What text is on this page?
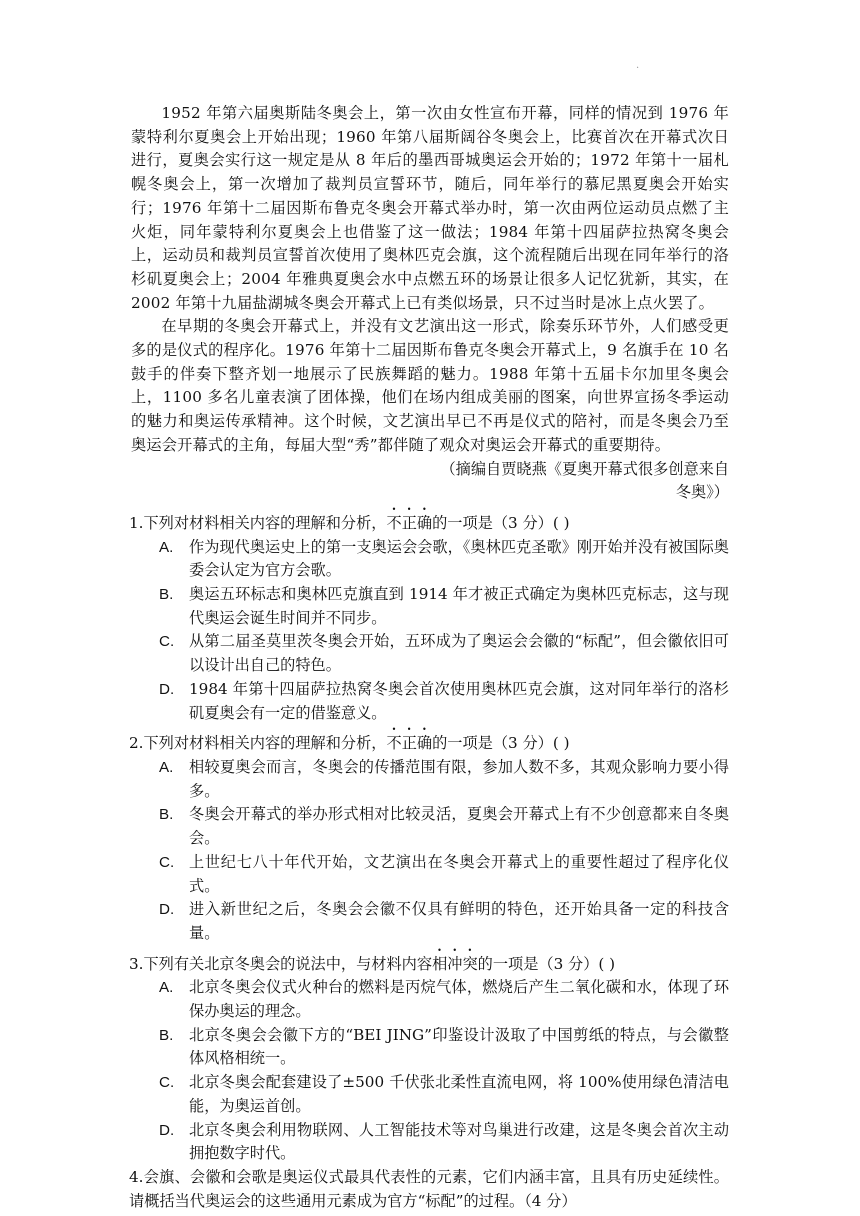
.

1952 年第六届奥斯陆冬奥会上，第一次由女性宣布开幕，同样的情况到 1976 年蒙特利尔夏奥会上开始出现；1960 年第八届斯阔谷冬奥会上，比赛首次在开幕式次日进行，夏奥会实行这一规定是从 8 年后的墨西哥城奥运会开始的；1972 年第十一届札幌冬奥会上，第一次增加了裁判员宣誓环节，随后，同年举行的慕尼黑夏奥会开始实行；1976 年第十二届因斯布鲁克冬奥会开幕式举办时，第一次由两位运动员点燃了主火炬，同年蒙特利尔夏奥会上也借鉴了这一做法；1984 年第十四届萨拉热窝冬奥会上，运动员和裁判员宣誓首次使用了奥林匹克会旗，这个流程随后出现在同年举行的洛杉矶夏奥会上；2004 年雅典夏奥会水中点燃五环的场景让很多人记忆犹新，其实，在 2002 年第十九届盐湖城冬奥会开幕式上已有类似场景，只不过当时是冰上点火罢了。

在早期的冬奥会开幕式上，并没有文艺演出这一形式，除奏乐环节外，人们感受更多的是仪式的程序化。1976 年第十二届因斯布鲁克冬奥会开幕式上，9 名旗手在 10 名鼓手的伴奏下整齐划一地展示了民族舞蹈的魅力。1988 年第十五届卡尔加里冬奥会上，1100 多名儿童表演了团体操，他们在场内组成美丽的图案，向世界宣扬冬季运动的魅力和奥运传承精神。这个时候，文艺演出早已不再是仪式的陪衬，而是冬奥会乃至奥运会开幕式的主角，每届大型“秀”都伴随了观众对奥运会开幕式的重要期待。

（摘编自贾晓燕《夏奥开幕式很多创意来自冬奥》）

1.下列对材料相关内容的理解和分析，不正确的一项是（3 分）( )

A.	作为现代奥运史上的第一支奥运会会歌，《奥林匹克圣歌》刚开始并没有被国际奥委会认定为官方会歌。
B.	奥运五环标志和奥林匹克旗直到 1914 年才被正式确定为奥林匹克标志，这与现代奥运会诞生时间并不同步。
C. 从第二届圣莫里茨冬奥会开始，五环成为了奥运会会徽的“标配”，但会徽依旧可以设计出自己的特色。
D. 1984 年第十四届萨拉热窝冬奥会首次使用奥林匹克会旗，这对同年举行的洛杉矶夏奥会有一定的借鉴意义。

2.下列对材料相关内容的理解和分析，不正确的一项是（3 分）( )

A.	相较夏奥会而言，冬奥会的传播范围有限，参加人数不多，其观众影响力要小得多。
B.	冬奥会开幕式的举办形式相对比较灵活，夏奥会开幕式上有不少创意都来自冬奥会。
C. 上世纪七八十年代开始，文艺演出在冬奥会开幕式上的重要性超过了程序化仪式。
D. 进入新世纪之后，冬奥会会徽不仅具有鲜明的特色，还开始具备一定的科技含量。

3.下列有关北京冬奥会的说法中，与材料内容相冲突的一项是（3 分）( )

A.	北京冬奥会仪式火种台的燃料是丙烷气体，燃烧后产生二氧化碳和水，体现了环保办奥运的理念。
B.	北京冬奥会会徽下方的“BEI JING”印鉴设计汲取了中国剪纸的特点，与会徽整体风格相统一。
C. 北京冬奥会配套建设了±500 千伏张北柔性直流电网，将 100%使用绿色清洁电能，为奥运首创。
D. 北京冬奥会利用物联网、人工智能技术等对鸟巢进行改建，这是冬奥会首次主动拥抱数字时代。

4.会旗、会徽和会歌是奥运仪式最具代表性的元素，它们内涵丰富，且具有历史延续性。请概括当代奥运会的这些通用元素成为官方“标配”的过程。（4 分）
